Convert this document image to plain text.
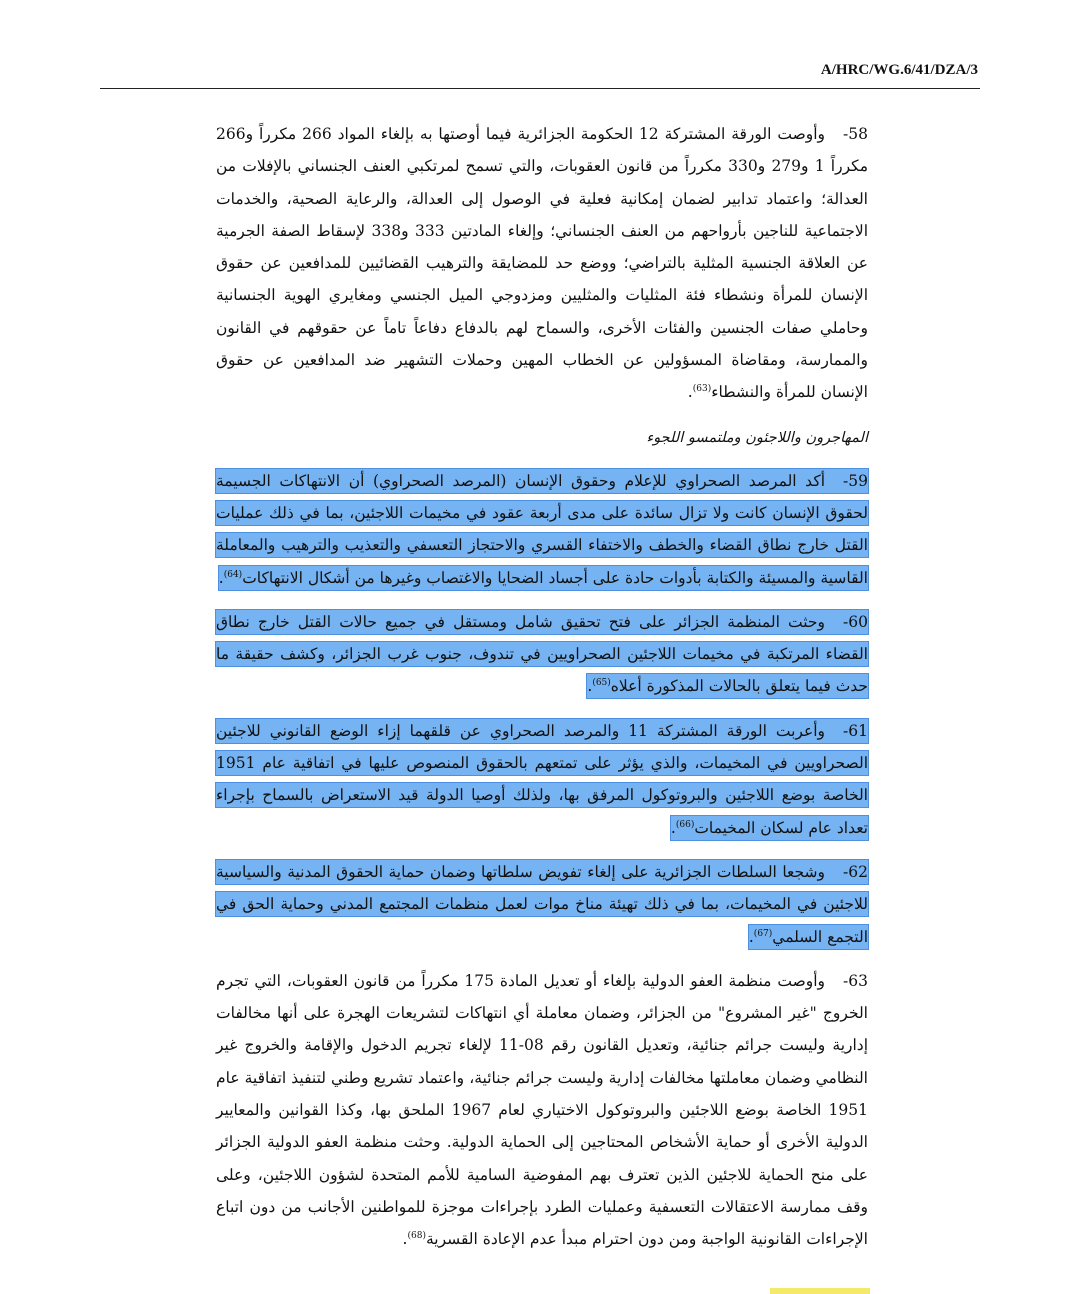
A/HRC/WG.6/41/DZA/3

58-وأوصت الورقة المشتركة 12 الحكومة الجزائرية فيما أوصتها به بإلغاء المواد 266 مكرراً و266 مكرراً 1 و279 و330 مكرراً من قانون العقوبات، والتي تسمح لمرتكبي العنف الجنساني بالإفلات من العدالة؛ واعتماد تدابير لضمان إمكانية فعلية في الوصول إلى العدالة، والرعاية الصحية، والخدمات الاجتماعية للناجين بأرواحهم من العنف الجنساني؛ وإلغاء المادتين 333 و338 لإسقاط الصفة الجرمية عن العلاقة الجنسية المثلية بالتراضي؛ ووضع حد للمضايقة والترهيب القضائيين للمدافعين عن حقوق الإنسان للمرأة ونشطاء فئة المثليات والمثليين ومزدوجي الميل الجنسي ومغايري الهوية الجنسانية وحاملي صفات الجنسين والفئات الأخرى، والسماح لهم بالدفاع دفاعاً تاماً عن حقوقهم في القانون والممارسة، ومقاضاة المسؤولين عن الخطاب المهين وحملات التشهير ضد المدافعين عن حقوق الإنسان للمرأة والنشطاء$^{(63)}$.

المهاجرون واللاجئون وملتمسو اللجوء

59-أكد المرصد الصحراوي للإعلام وحقوق الإنسان (المرصد الصحراوي) أن الانتهاكات الجسيمة لحقوق الإنسان كانت ولا تزال سائدة على مدى أربعة عقود في مخيمات اللاجئين، بما في ذلك عمليات القتل خارج نطاق القضاء والخطف والاختفاء القسري والاحتجاز التعسفي والتعذيب والترهيب والمعاملة القاسية والمسيئة والكتابة بأدوات حادة على أجساد الضحايا والاغتصاب وغيرها من أشكال الانتهاكات$^{(64)}$.

60-وحثت المنظمة الجزائر على فتح تحقيق شامل ومستقل في جميع حالات القتل خارج نطاق القضاء المرتكبة في مخيمات اللاجئين الصحراويين في تندوف، جنوب غرب الجزائر، وكشف حقيقة ما حدث فيما يتعلق بالحالات المذكورة أعلاه$^{(65)}$.

61-وأعربت الورقة المشتركة 11 والمرصد الصحراوي عن قلقهما إزاء الوضع القانوني للاجئين الصحراويين في المخيمات، والذي يؤثر على تمتعهم بالحقوق المنصوص عليها في اتفاقية عام 1951 الخاصة بوضع اللاجئين والبروتوكول المرفق بها، ولذلك أوصيا الدولة قيد الاستعراض بالسماح بإجراء تعداد عام لسكان المخيمات$^{(66)}$.

62-وشجعا السلطات الجزائرية على إلغاء تفويض سلطاتها وضمان حماية الحقوق المدنية والسياسية للاجئين في المخيمات، بما في ذلك تهيئة مناخ موات لعمل منظمات المجتمع المدني وحماية الحق في التجمع السلمي$^{(67)}$.

63-وأوصت منظمة العفو الدولية بإلغاء أو تعديل المادة 175 مكرراً من قانون العقوبات، التي تجرم الخروج "غير المشروع" من الجزائر، وضمان معاملة أي انتهاكات لتشريعات الهجرة على أنها مخالفات إدارية وليست جرائم جنائية، وتعديل القانون رقم 08-11 لإلغاء تجريم الدخول والإقامة والخروج غير النظامي وضمان معاملتها مخالفات إدارية وليست جرائم جنائية، واعتماد تشريع وطني لتنفيذ اتفاقية عام 1951 الخاصة بوضع اللاجئين والبروتوكول الاختياري لعام 1967 الملحق بها، وكذا القوانين والمعايير الدولية الأخرى أو حماية الأشخاص المحتاجين إلى الحماية الدولية. وحثت منظمة العفو الدولية الجزائر على منح الحماية للاجئين الذين تعترف بهم المفوضية السامية للأمم المتحدة لشؤون اللاجئين، وعلى وقف ممارسة الاعتقالات التعسفية وعمليات الطرد بإجراءات موجزة للمواطنين الأجانب من دون اتباع الإجراءات القانونية الواجبة ومن دون احترام مبدأ عدم الإعادة القسرية$^{(68)}$.
